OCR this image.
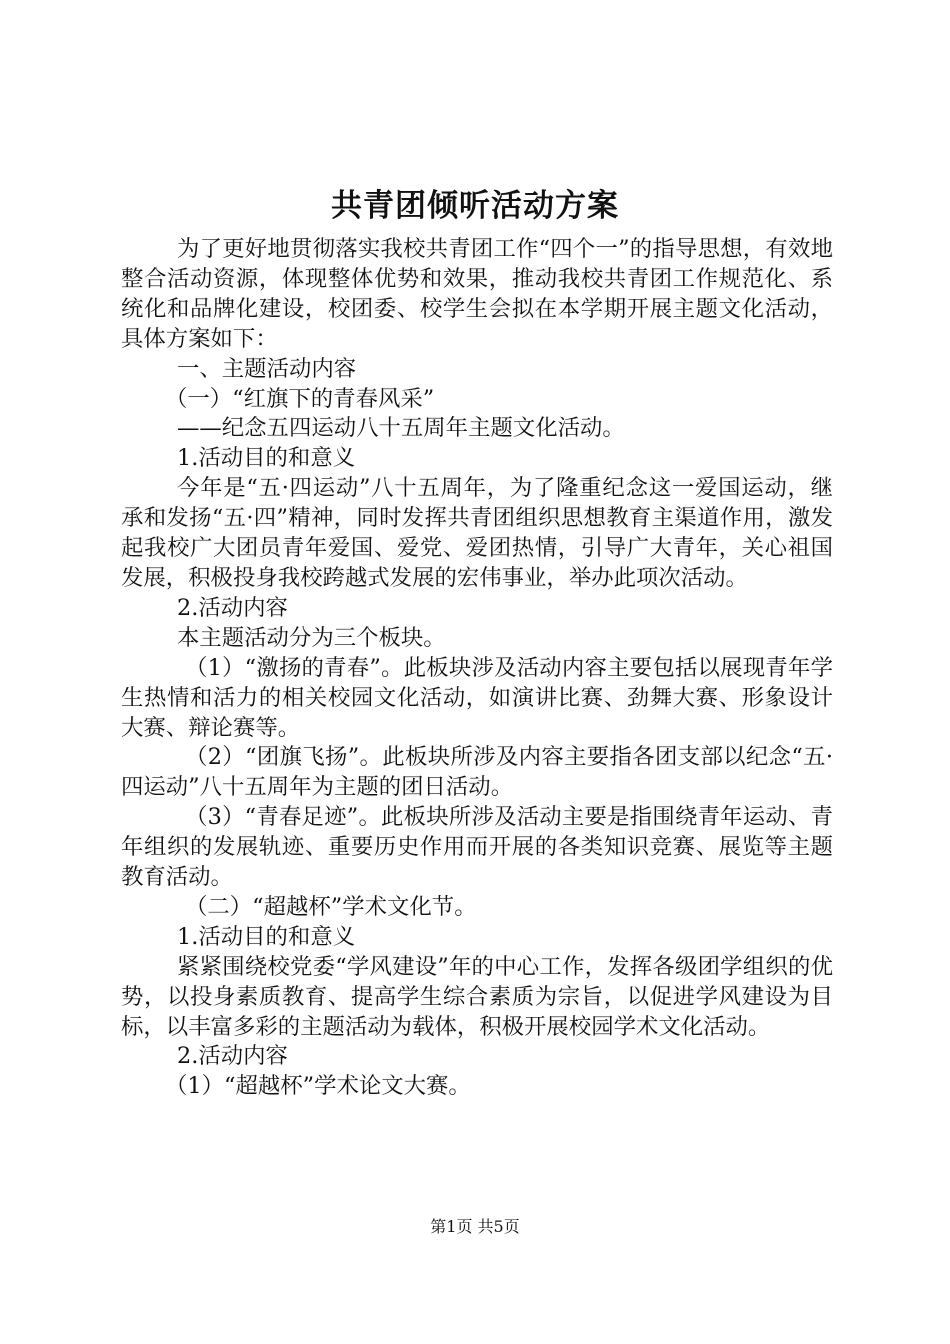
共青团倾听活动方案

为了更好地贯彻落实我校共青团工作“四个一”的指导思想，有效地整合活动资源，体现整体优势和效果，推动我校共青团工作规范化、系统化和品牌化建设，校团委、校学生会拟在本学期开展主题文化活动，具体方案如下：

一、主题活动内容

（一）“红旗下的青春风采”

——纪念五四运动八十五周年主题文化活动。

1.活动目的和意义

今年是“五·四运动”八十五周年，为了隆重纪念这一爱国运动，继承和发扬“五·四”精神，同时发挥共青团组织思想教育主渠道作用，激发起我校广大团员青年爱国、爱党、爱团热情，引导广大青年，关心祖国发展，积极投身我校跨越式发展的宏伟事业，举办此项次活动。

2.活动内容

本主题活动分为三个板块。

（1）“激扬的青春”。此板块涉及活动内容主要包括以展现青年学生热情和活力的相关校园文化活动，如演讲比赛、劲舞大赛、形象设计大赛、辩论赛等。

（2）“团旗飞扬”。此板块所涉及内容主要指各团支部以纪念“五·四运动”八十五周年为主题的团日活动。

（3）“青春足迹”。此板块所涉及活动主要是指围绕青年运动、青年组织的发展轨迹、重要历史作用而开展的各类知识竞赛、展览等主题教育活动。

（二）“超越杯”学术文化节。

1.活动目的和意义

紧紧围绕校党委“学风建设”年的中心工作，发挥各级团学组织的优势，以投身素质教育、提高学生综合素质为宗旨，以促进学风建设为目标，以丰富多彩的主题活动为载体，积极开展校园学术文化活动。

2.活动内容

（1）“超越杯”学术论文大赛。

第1页 共5页
